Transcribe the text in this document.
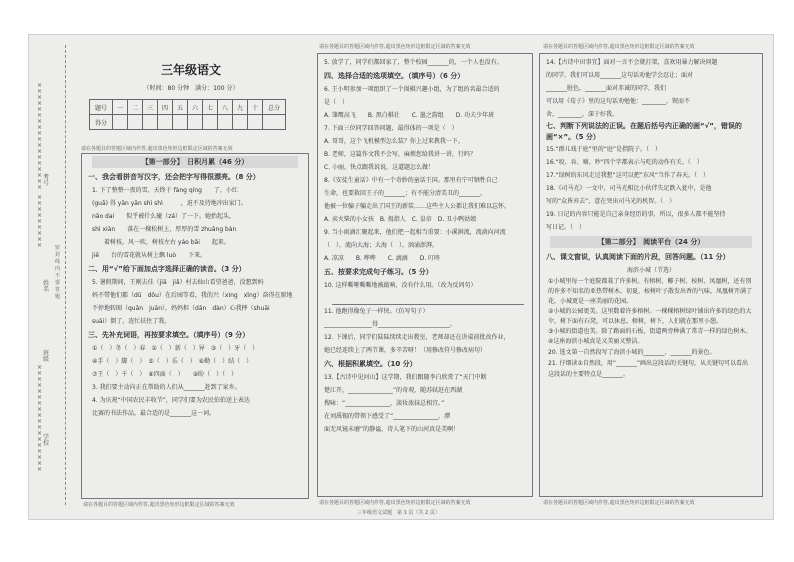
××××××××××××××××××
×××××××××
××××××××××××××××××
密 封 线 内 不 要 答 题
考号
姓名
班级
学校
三年级语文
（时间：80 分钟　满分：100 分）
题号	一	二	三	四	五	六	七	八	九	十	总分
得分											
请在各题目的答题区域内作答,超出黑色矩形边框限定区域的答案无效
【第一部分】　日积月累（46 分）
一、我会看拼音写汉字，还会把字写得很漂亮。（8 分）
1. 下了整整一夜的雪，天终于 fàng qíng　　了，小红
(guā) 得 yān yān shì shì　　　，迫不及待地冲出家门。
nǎo dai　　似乎被什么碰（zá）了一下。她抬起头，
shì xiàn　　落在一棵松树上，厚厚的雪 zhuāng bàn
　　着树枝。风一吹，树枝左右 yáo bǎi　　起来。
jiē　　台的雪花就从树上飘 luò　　下来。
二、用“√”给下面加点字选择正确的读音。（3 分）
5. 暑假期间，王刚去佳（jiā　jiǎ）村去仙山看望爸爸，没想到妈
妈不带他们都（dū　dōu）在后园等看，我的兴（xìng　xīng）奋得在原地
不停地转圈（quān　juān），妈妈担（dān　dàn）心我摔（shuāi
suāi）倒了，连忙扶住了我。
三、先补充词语，再按要求填空。（填序号）（9 分）
①（　）冬（　）春　②（　）新（　）异　③（　）牙（　）
④手（　）脚（　）　⑤（　）乐（　）　⑥勤（　）结（　）
⑦王（　）千（　）　⑧四面（　）　　⑨盼（　）（　）
3. 我们要主动向正在帮助的人们从_______赶到了家乡。
4. 为庆祝“中国农民丰收节”，同学们要为农民伯伯送上表达
比赛的书法作品，最合适的是_______这一词。
请在各题目的答题区域内作答,超出黑色矩形边框限定区域的答案无效
请在各题目的答题区域内作答,超出黑色矩形边框限定区域的答案无效
5. 放学了，同学们都回家了，整个校园_______的，一个人也没有。
四、选择合适的选项填空。（填序号）（6 分）
6. 王小明参加一项组织了一个围棋兴趣小组，为了组的名最合适的
是（　）
A. 雏鹰高飞　　B. 黑白棋社　　C. 墨之韵组　　D. 功夫少年班
7. 下面三位同学回答问题，最得体的一项是（　）
A. 哥哥，这个飞机模型怎么装？你上过来教我一下。
B. 老师，这篇作文我不会写，麻烦您给我讲一讲，行吗？
C. 小丽，快点跟我说说，这道题怎么做！
8.《安徒生童话》中有一个奇妙的童话王国。那里有宁可牺牲自己
生命，也要救回王子的_______；有不能分清美丑的_______，
他被一位骗子骗走出了国王的新装……这些主人公都让我们难以忘怀。
A. 卖火柴的小女孩　B. 拇指人　C. 皇帝　D. 丑小鸭姑娘
9. 当小雨滴汇聚起来，他们把一起相当重要：小溪涧流，流淌向河流
（　），流向大海；大海（　），汹涌澎湃。
A. 凉凉　　B. 哗哗　　C. 滴滴　　D. 叮咚
五、按要求完成句子练习。（5 分）
10. 这样嘶哑嘶嘶地被敲响，没有什么用。（改为反问句）
11. 他跑得像兔子一样快。（仿写句子）
________________得________________________。
12. 下课后，同学们陆陆续续走出教室，老师却还在讲桌前批改作业，
她已经连续上了两节课，多辛苦呀！（用修改符号修改病句）
六、根据积累填空。（10 分）
13.【古诗中见河山】这学期，我们跟随李白欣赏了“天门中断
楚江开，_______________”的奇观，随苏轼赶在西湖
搜咏：“_______________，淡妆浓抹总相宜。”
在刘禹锡的带领下感受了“_______________，潭
面无风镜未磨”的静谧，诗人笔下的山河真是美啊！
请在各题目的答题区域内作答,超出黑色矩形边框限定区域的答案无效
三年级语文试题　第 1 页（共 2 页）
请在各题目的答题区域内作答,超出黑色矩形边框限定区域的答案无效
14.【古诗中田事宜】面对一言不会就打架，喜欢用暴力解决问题
的同学，我们可以用_______这句话劝他学会忍让；面对
_______脏色，_______面对赤诚的同学，我们
可以用《荀子》里的这句话劝勉他：________，锲而不
舍，________，深于好我。
七、判断下列说法的正误。在题后括号内正确的画“√”，错误的画“×”。（5 分）
15.“群儿戏于庭”里的“庭”是指院子。（　）
16.“咬、吞、嘀、吵”四个字都表示与吃的动作有关。（　）
17.“绿树的东风走过我想“这可以把”东风“当作了春天。（　）
18.《司马光》一文中，司马光相比小伙伴失足跌入瓮中，是他
写的“众皆弃去”，意在突出司马光的机智。（　）
19. 日记的内容只能是自己亲身经历的事，所以，很多人都不能坚持
写日记。（　）
【第二部分】　阅读平台（24 分）
八、课文窗说，认真阅读下面的片段，回答问题。（11 分）
海滨小城（节选）
①小城里每一个庭院都栽了许多树。有榕树、椰子树、桉树、凤凰树，还有别的许多不知名的亚热带树木。初夏，桉树叶子散发出香的气味，凤凰树开满了花，小城更是一座美丽的花园。
②小城的公园更美。这里数着许多榕树。一棵棵榕树绿叶铺出许多的绿色的大伞，树下面有石凳，可以休息。榕树，树下，人们就在那里小憩。
③小城的街道也美。除了路面的石板，街道两旁种满了常青一样的绿色树木。
④这座海滨小城真是又美丽又整洁。
20. 选文第一自然段写了海滨小城的_______、_______的景色。
21. 仔细读①自然段，用“_______”画出这段话的关键句，从关键句可以看出这段话的主要特点是_______。
请在各题目的答题区域内作答,超出黑色矩形边框限定区域的答案无效
